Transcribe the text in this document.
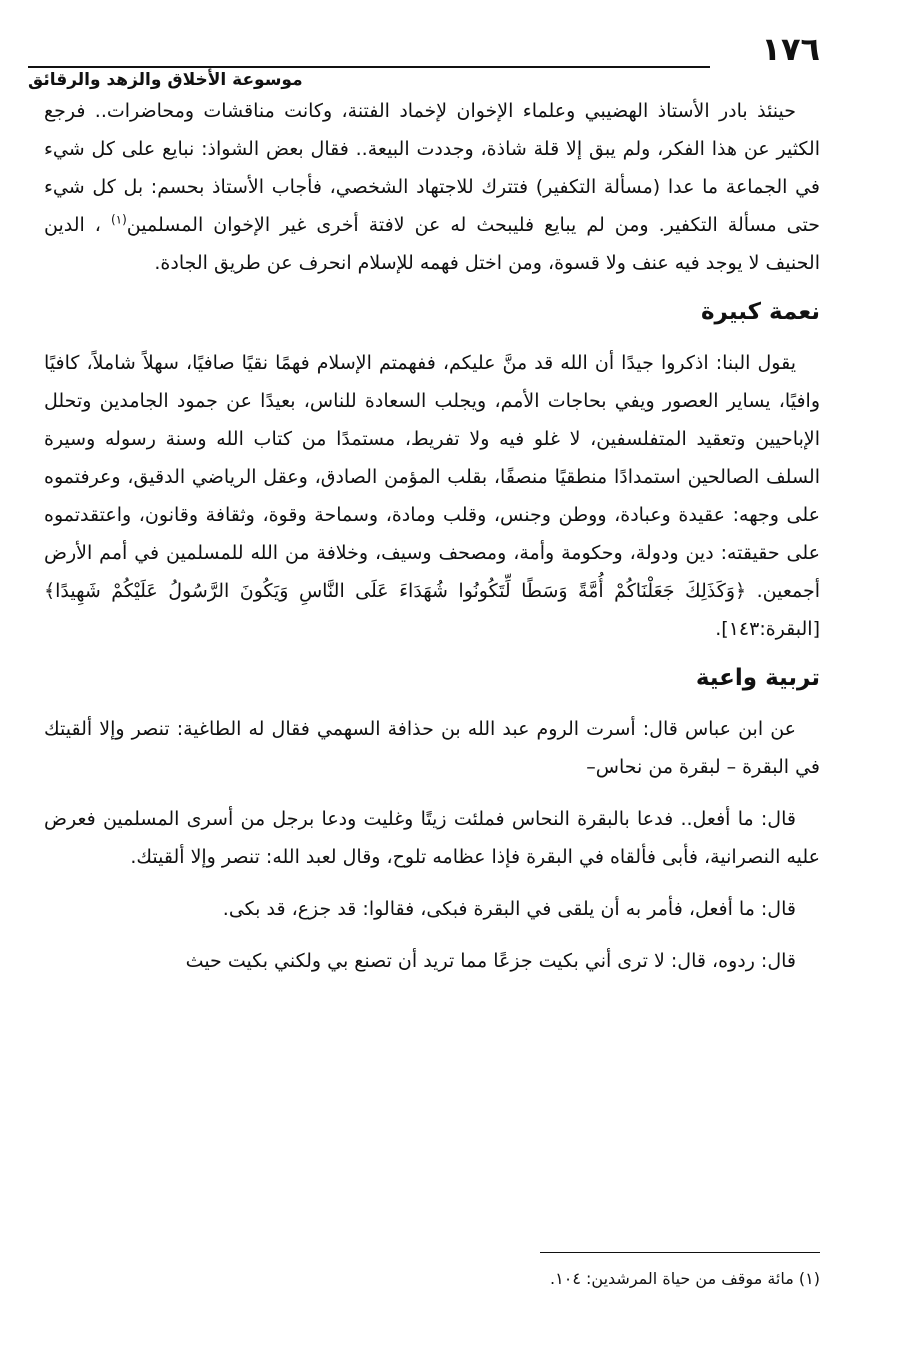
١٧٦
موسوعة الأخلاق والزهد والرقائق

حينئذ بادر الأستاذ الهضيبي وعلماء الإخوان لإخماد الفتنة، وكانت مناقشات ومحاضرات.. فرجع الكثير عن هذا الفكر، ولم يبق إلا قلة شاذة، وجددت البيعة.. فقال بعض الشواذ: نبايع على كل شيء في الجماعة ما عدا (مسألة التكفير) فتترك للاجتهاد الشخصي، فأجاب الأستاذ بحسم: بل كل شيء حتى مسألة التكفير. ومن لم يبايع فليبحث له عن لافتة أخرى غير الإخوان المسلمين$^{(١)}$ ، الدين الحنيف لا يوجد فيه عنف ولا قسوة، ومن اختل فهمه للإسلام انحرف عن طريق الجادة.

نعمة كبيرة

يقول البنا: اذكروا جيدًا أن الله قد منَّ عليكم، ففهمتم الإسلام فهمًا نقيًا صافيًا، سهلاً شاملاً، كافيًا وافيًا، يساير العصور ويفي بحاجات الأمم، ويجلب السعادة للناس، بعيدًا عن جمود الجامدين وتحلل الإباحيين وتعقيد المتفلسفين، لا غلو فيه ولا تفريط، مستمدًا من كتاب الله وسنة رسوله وسيرة السلف الصالحين استمدادًا منطقيًا منصفًا، بقلب المؤمن الصادق، وعقل الرياضي الدقيق، وعرفتموه على وجهه: عقيدة وعبادة، ووطن وجنس، وقلب ومادة، وسماحة وقوة، وثقافة وقانون، واعتقدتموه على حقيقته: دين ودولة، وحكومة وأمة، ومصحف وسيف، وخلافة من الله للمسلمين في أمم الأرض أجمعين. ﴿وَكَذَلِكَ جَعَلْنَاكُمْ أُمَّةً وَسَطًا لِّتَكُونُوا شُهَدَاءَ عَلَى النَّاسِ وَيَكُونَ الرَّسُولُ عَلَيْكُمْ شَهِيدًا﴾ [البقرة:١٤٣].

تربية واعية

عن ابن عباس قال: أسرت الروم عبد الله بن حذافة السهمي فقال له الطاغية: تنصر وإلا ألقيتك في البقرة – لبقرة من نحاس–

قال: ما أفعل.. فدعا بالبقرة النحاس فملئت زيتًا وغليت ودعا برجل من أسرى المسلمين فعرض عليه النصرانية، فأبى فألقاه في البقرة فإذا عظامه تلوح، وقال لعبد الله: تنصر وإلا ألقيتك.

قال: ما أفعل، فأمر به أن يلقى في البقرة فبكى، فقالوا: قد جزع، قد بكى.

قال: ردوه، قال: لا ترى أني بكيت جزعًا مما تريد أن تصنع بي ولكني بكيت حيث

(١) مائة موقف من حياة المرشدين: ١٠٤.
